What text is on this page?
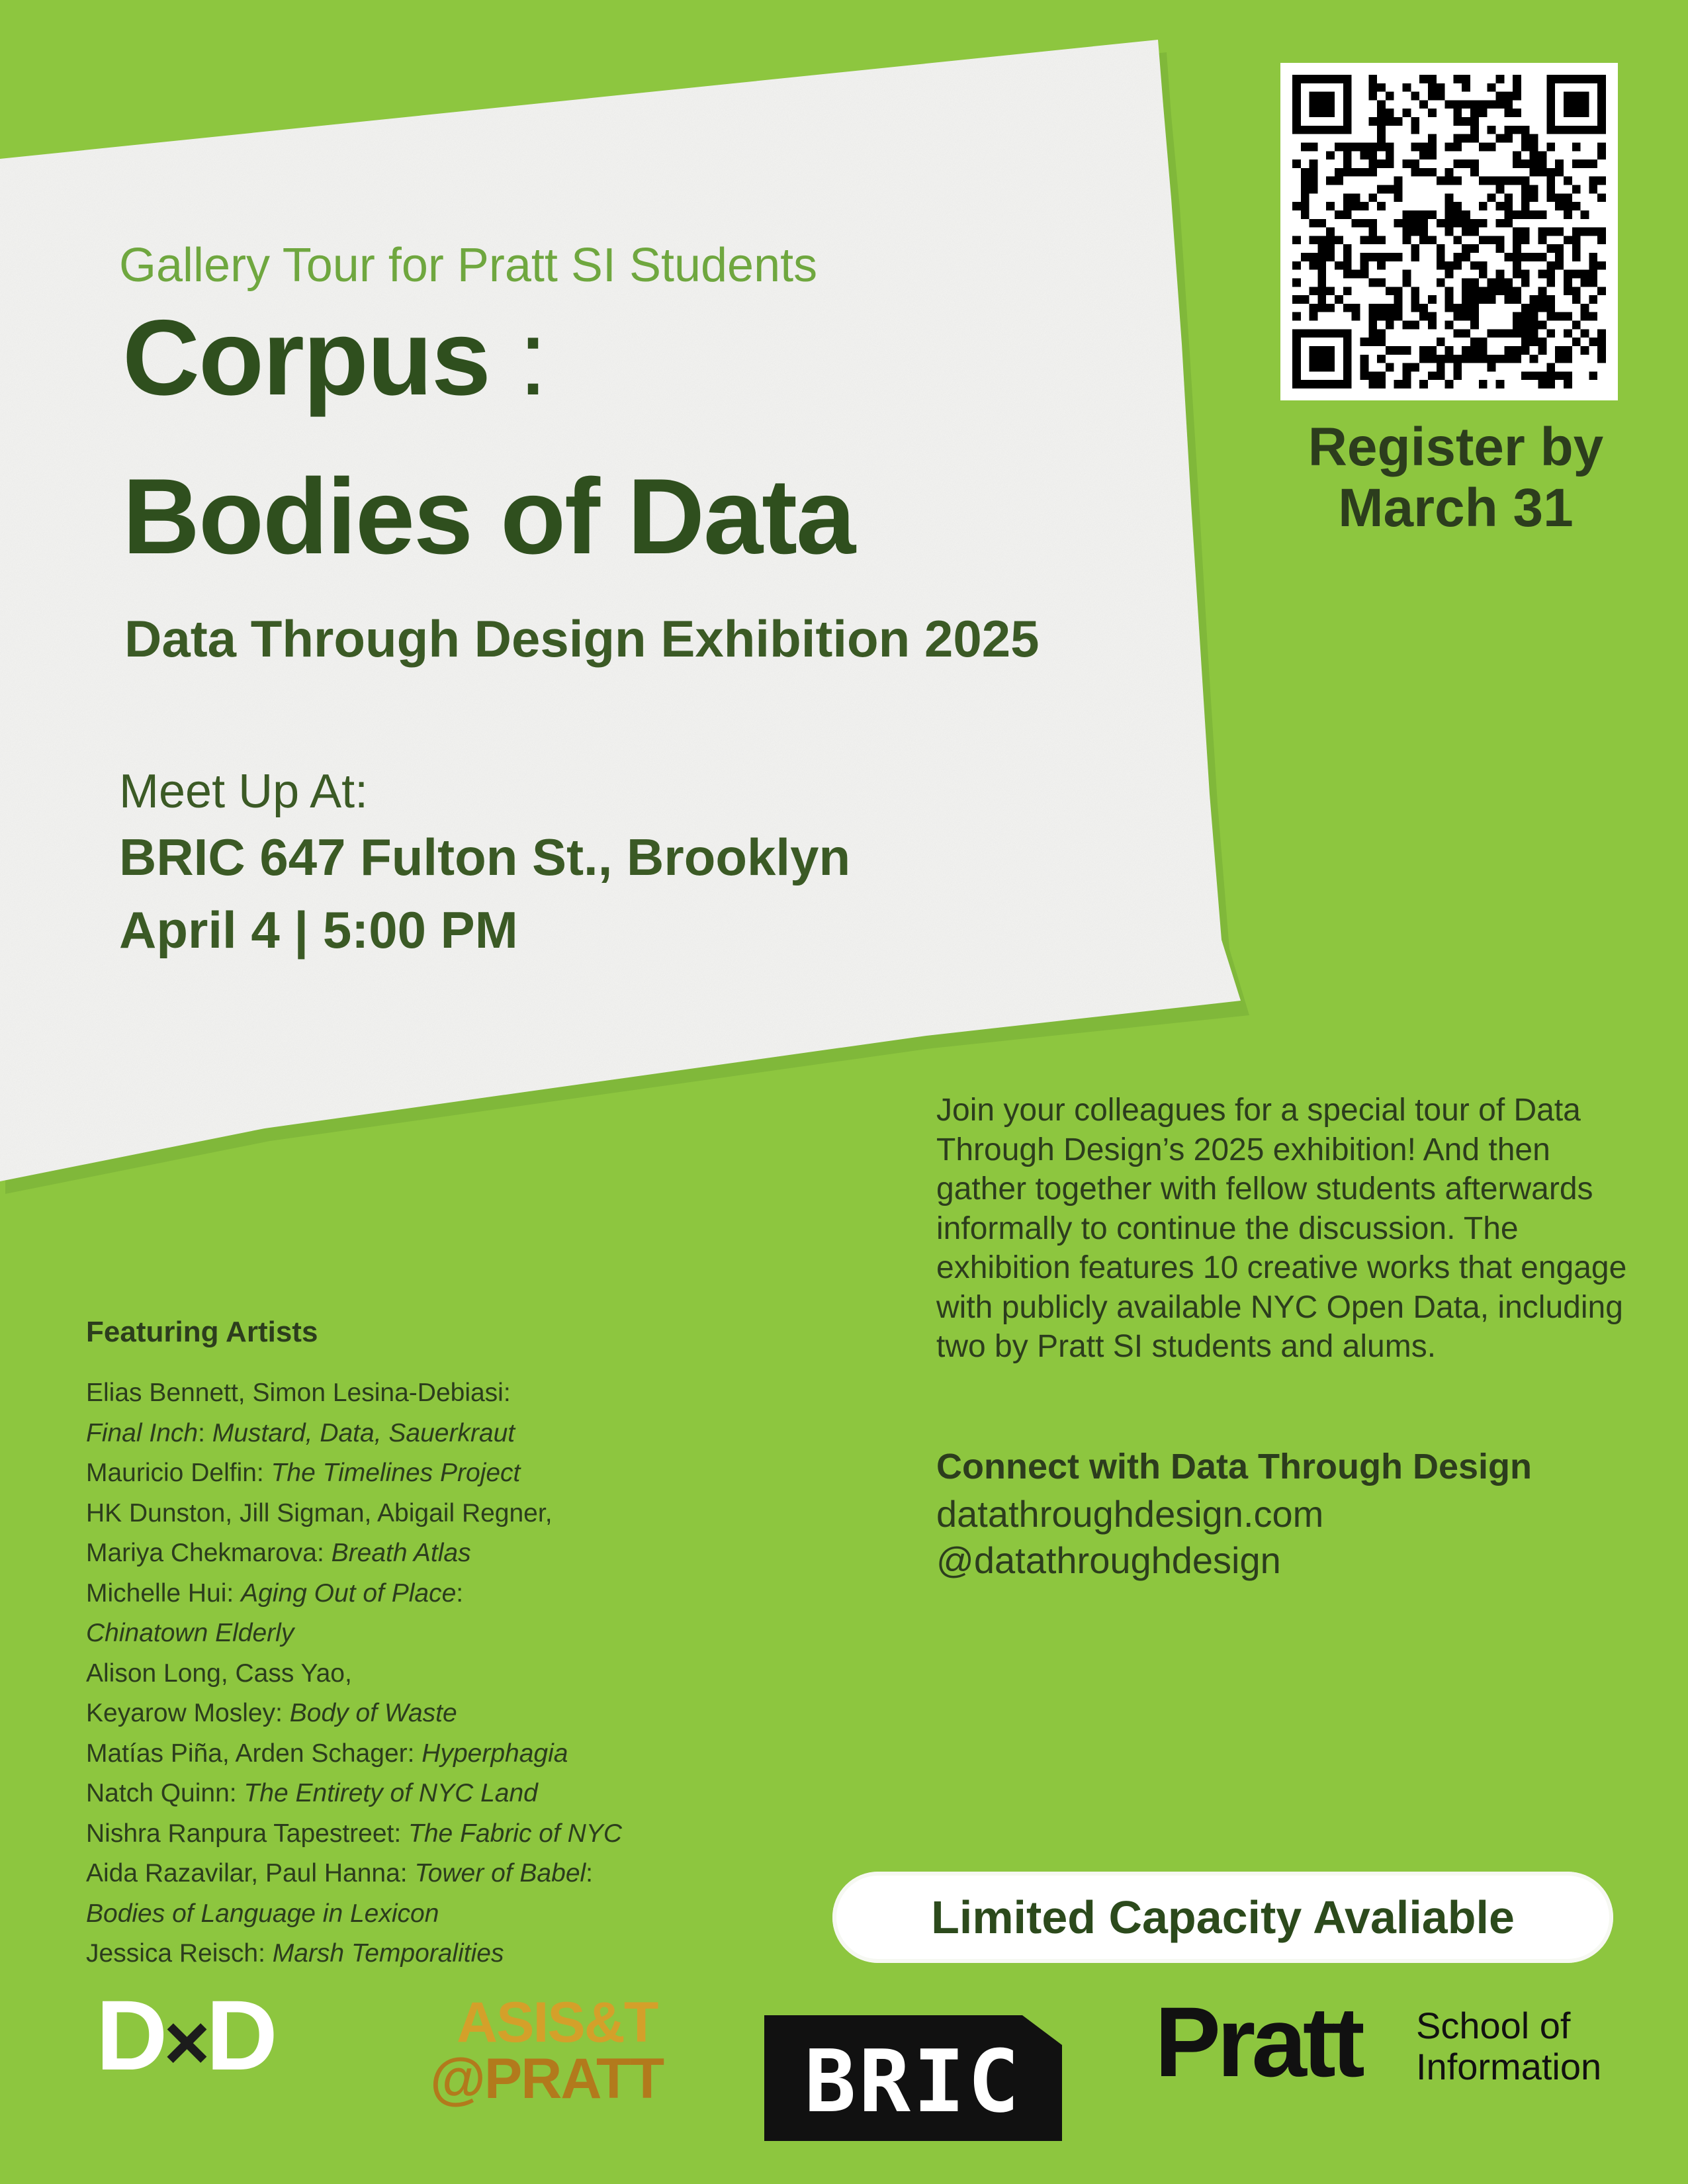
Gallery Tour for Pratt SI Students
Corpus :
Bodies of Data
Data Through Design Exhibition 2025
Meet Up At:
BRIC 647 Fulton St., Brooklyn
April 4 | 5:00 PM
Register by
March 31
Join your colleagues for a special tour of Data Through Design’s 2025 exhibition! And then gather together with fellow students afterwards informally to continue the discussion. The exhibition features 10 creative works that engage with publicly available NYC Open Data, including two by Pratt SI students and alums.
Connect with Data Through Design
datathroughdesign.com
@datathroughdesign
Featuring Artists
Elias Bennett, Simon Lesina-Debiasi:
Final Inch: Mustard, Data, Sauerkraut
Mauricio Delfin: The Timelines Project
HK Dunston, Jill Sigman, Abigail Regner,
Mariya Chekmarova: Breath Atlas
Michelle Hui: Aging Out of Place:
Chinatown Elderly
Alison Long, Cass Yao,
Keyarow Mosley: Body of Waste
Matías Piña, Arden Schager: Hyperphagia
Natch Quinn: The Entirety of NYC Land
Nishra Ranpura Tapestreet: The Fabric of NYC
Aida Razavilar, Paul Hanna: Tower of Babel:
Bodies of Language in Lexicon
Jessica Reisch: Marsh Temporalities
Limited Capacity Avaliable
D×D	ASIS&T
@PRATT	BRIC	Pratt School of
Information
